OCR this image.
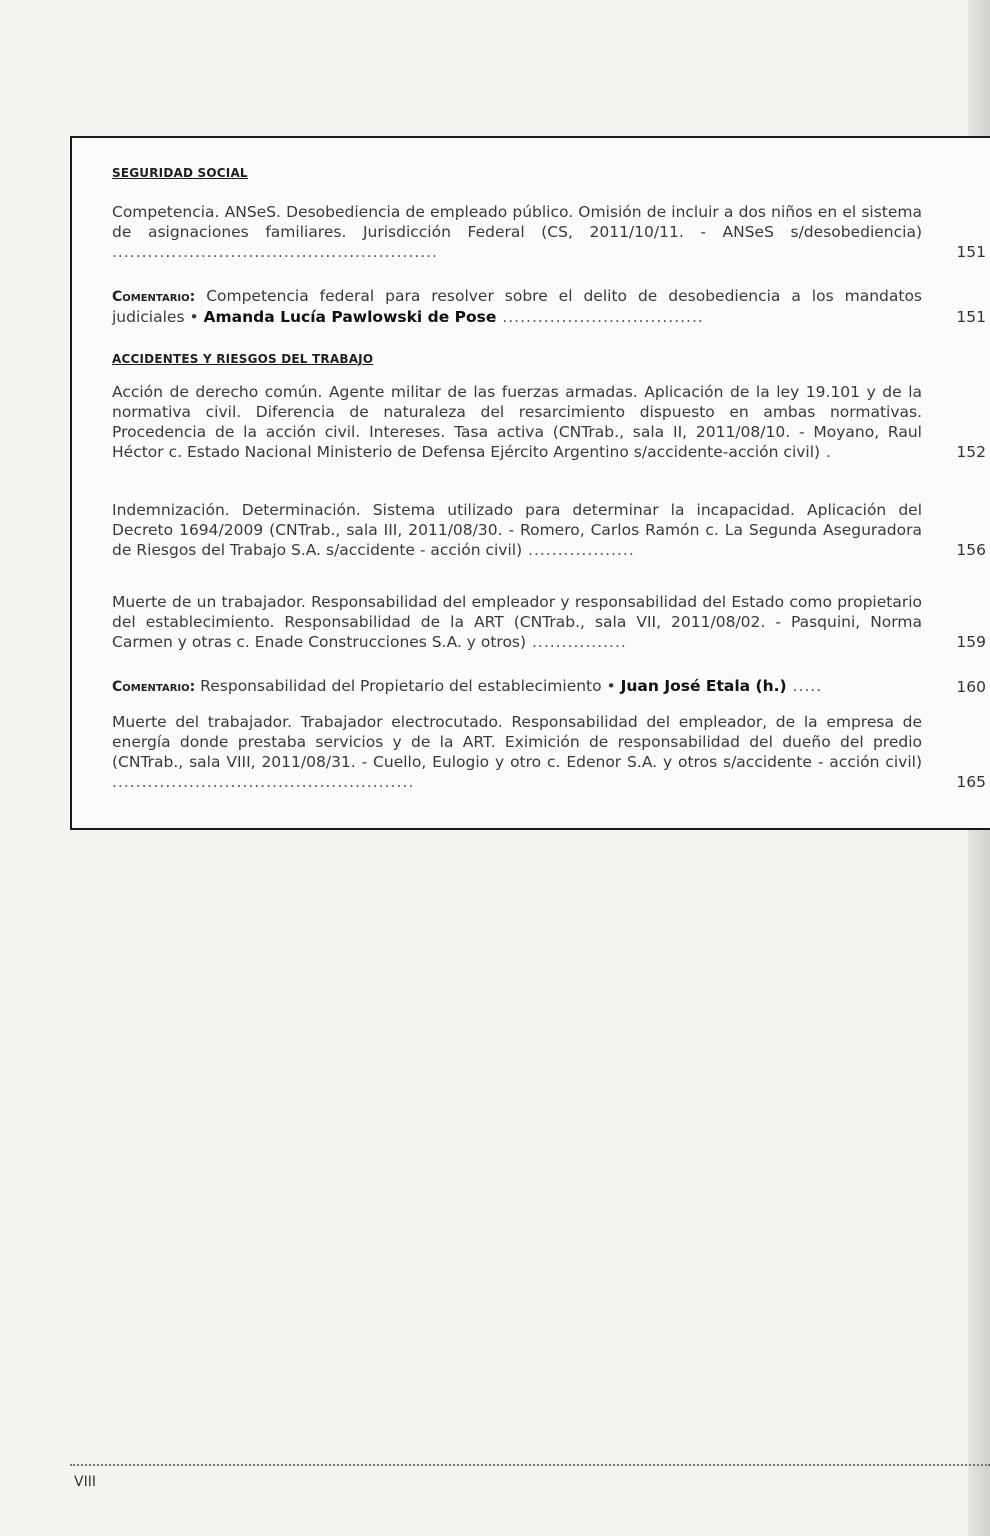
SEGURIDAD SOCIAL
Competencia. ANSeS. Desobediencia de empleado público. Omisión de incluir a dos niños en el sistema de asignaciones familiares. Jurisdicción Federal (CS, 2011/10/11. - ANSeS s/desobediencia) .......................................................	151
Comentario: Competencia federal para resolver sobre el delito de desobediencia a los mandatos judiciales • Amanda Lucía Pawlowski de Pose ..................................	151
ACCIDENTES Y RIESGOS DEL TRABAJO
Acción de derecho común. Agente militar de las fuerzas armadas. Aplicación de la ley 19.101 y de la normativa civil. Diferencia de naturaleza del resarcimiento dispuesto en ambas normativas. Procedencia de la acción civil. Intereses. Tasa activa (CNTrab., sala II, 2011/08/10. - Moyano, Raul Héctor c. Estado Nacional Ministerio de Defensa Ejército Argentino s/accidente-acción civil) .	152
Indemnización. Determinación. Sistema utilizado para determinar la incapacidad. Aplicación del Decreto 1694/2009 (CNTrab., sala III, 2011/08/30. - Romero, Carlos Ramón c. La Segunda Aseguradora de Riesgos del Trabajo S.A. s/accidente - acción civil) ..................	156
Muerte de un trabajador. Responsabilidad del empleador y responsabilidad del Estado como propietario del establecimiento. Responsabilidad de la ART (CNTrab., sala VII, 2011/08/02. - Pasquini, Norma Carmen y otras c. Enade Construcciones S.A. y otros) ................	159
Comentario: Responsabilidad del Propietario del establecimiento • Juan José Etala (h.) .....	160
Muerte del trabajador. Trabajador electrocutado. Responsabilidad del empleador, de la empresa de energía donde prestaba servicios y de la ART. Eximición de responsabilidad del dueño del predio (CNTrab., sala VIII, 2011/08/31. - Cuello, Eulogio y otro c. Edenor S.A. y otros s/accidente - acción civil) ...................................................	165
VIII
